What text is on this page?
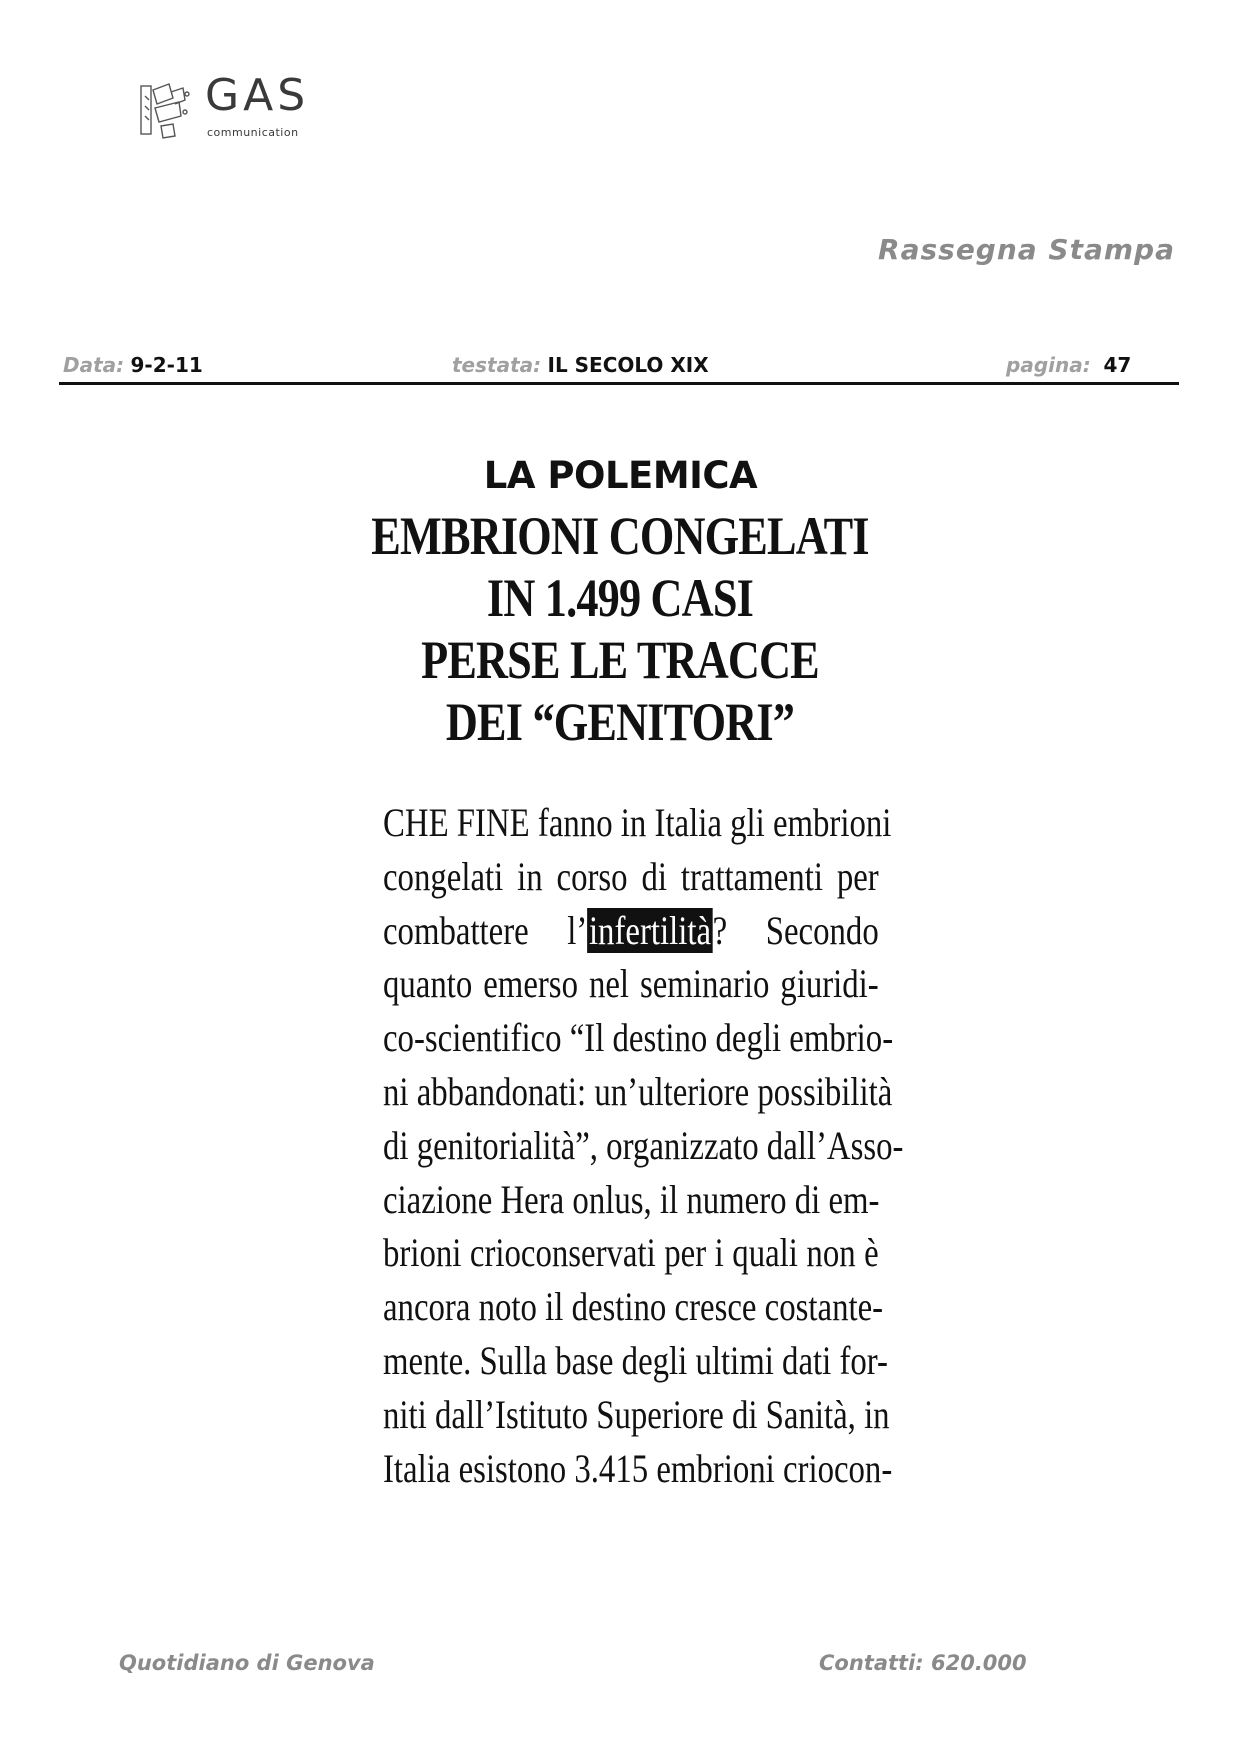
GAS
communication
Rassegna Stampa
Data: 9-2-11	testata: IL SECOLO XIX	pagina: 47
LA POLEMICA
EMBRIONI CONGELATI
IN 1.499 CASI
PERSE LE TRACCE
DEI “GENITORI”
CHE FINE fanno in Italia gli embrioni
congelati in corso di trattamenti per
combattere l’infertilità? Secondo
quanto emerso nel seminario giuridi-
co-scientifico “Il destino degli embrio-
ni abbandonati: un’ulteriore possibilità
di genitorialità”, organizzato dall’Asso-
ciazione Hera onlus, il numero di em-
brioni crioconservati per i quali non è
ancora noto il destino cresce costante-
mente. Sulla base degli ultimi dati for-
niti dall’Istituto Superiore di Sanità, in
Italia esistono 3.415 embrioni criocon-
Quotidiano di Genova	Contatti: 620.000
